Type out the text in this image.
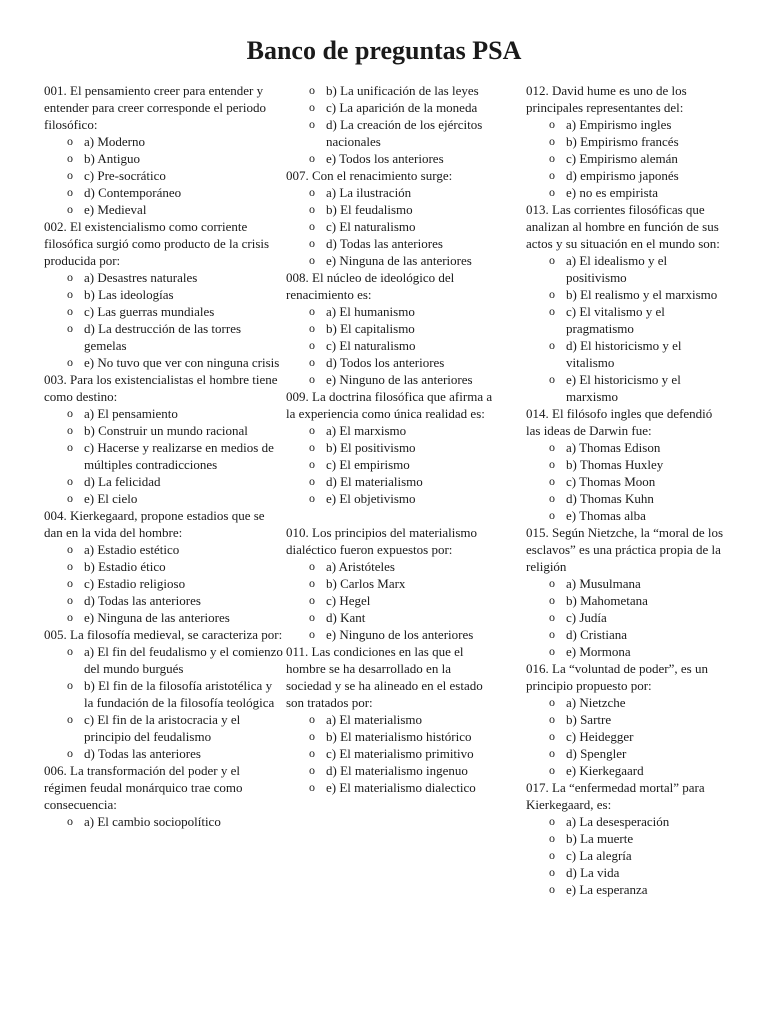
Banco de preguntas PSA
001. El pensamiento creer para entender y entender para creer corresponde el periodo filosófico:
o a) Moderno
o b) Antiguo
o c) Pre-socrático
o d) Contemporáneo
o e) Medieval
002. El existencialismo como corriente filosófica surgió como producto de la crisis producida por:
o a) Desastres naturales
o b) Las ideologías
o c) Las guerras mundiales
o d) La destrucción de las torres gemelas
o e) No tuvo que ver con ninguna crisis
003. Para los existencialistas el hombre tiene como destino:
o a) El pensamiento
o b) Construir un mundo racional
o c) Hacerse y realizarse en medios de múltiples contradicciones
o d) La felicidad
o e) El cielo
004. Kierkegaard, propone estadios que se dan en la vida del hombre:
o a) Estadio estético
o b) Estadio ético
o c) Estadio religioso
o d) Todas las anteriores
o e) Ninguna de las anteriores
005. La filosofía medieval, se caracteriza por:
o a) El fin del feudalismo y el comienzo del mundo burgués
o b) El fin de la filosofía aristotélica y la fundación de la filosofía teológica
o c) El fin de la aristocracia y el principio del feudalismo
o d) Todas las anteriores
006. La transformación del poder y el régimen feudal monárquico trae como consecuencia:
o a) El cambio sociopolítico
o b) La unificación de las leyes
o c) La aparición de la moneda
o d) La creación de los ejércitos nacionales
o e) Todos los anteriores
007. Con el renacimiento surge:
o a) La ilustración
o b) El feudalismo
o c) El naturalismo
o d) Todas las anteriores
o e) Ninguna de las anteriores
008. El núcleo de ideológico del renacimiento es:
o a) El humanismo
o b) El capitalismo
o c) El naturalismo
o d) Todos los anteriores
o e) Ninguno de las anteriores
009. La doctrina filosófica que afirma a la experiencia como única realidad es:
o a) El marxismo
o b) El positivismo
o c) El empirismo
o d) El materialismo
o e) El objetivismo
010. Los principios del materialismo dialéctico fueron expuestos por:
o a) Aristóteles
o b) Carlos Marx
o c) Hegel
o d) Kant
o e) Ninguno de los anteriores
011. Las condiciones en las que el hombre se ha desarrollado en la sociedad y se ha alineado en el estado son tratados por:
o a) El materialismo
o b) El materialismo histórico
o c) El materialismo primitivo
o d) El materialismo ingenuo
o e) El materialismo dialectico
012. David hume es uno de los principales representantes del:
o a) Empirismo ingles
o b) Empirismo francés
o c) Empirismo alemán
o d) empirismo japonés
o e) no es empirista
013. Las corrientes filosóficas que analizan al hombre en función de sus actos y su situación en el mundo son:
o a) El idealismo y el positivismo
o b) El realismo y el marxismo
o c) El vitalismo y el pragmatismo
o d) El historicismo y el vitalismo
o e) El historicismo y el marxismo
014. El filósofo ingles que defendió las ideas de Darwin fue:
o a) Thomas Edison
o b) Thomas Huxley
o c) Thomas Moon
o d) Thomas Kuhn
o e) Thomas alba
015. Según Nietzche, la “moral de los esclavos” es una práctica propia de la religión
o a) Musulmana
o b) Mahometana
o c) Judía
o d) Cristiana
o e) Mormona
016. La “voluntad de poder”, es un principio propuesto por:
o a) Nietzche
o b) Sartre
o c) Heidegger
o d) Spengler
o e) Kierkegaard
017. La “enfermedad mortal” para Kierkegaard, es:
o a) La desesperación
o b) La muerte
o c) La alegría
o d) La vida
o e) La esperanza
